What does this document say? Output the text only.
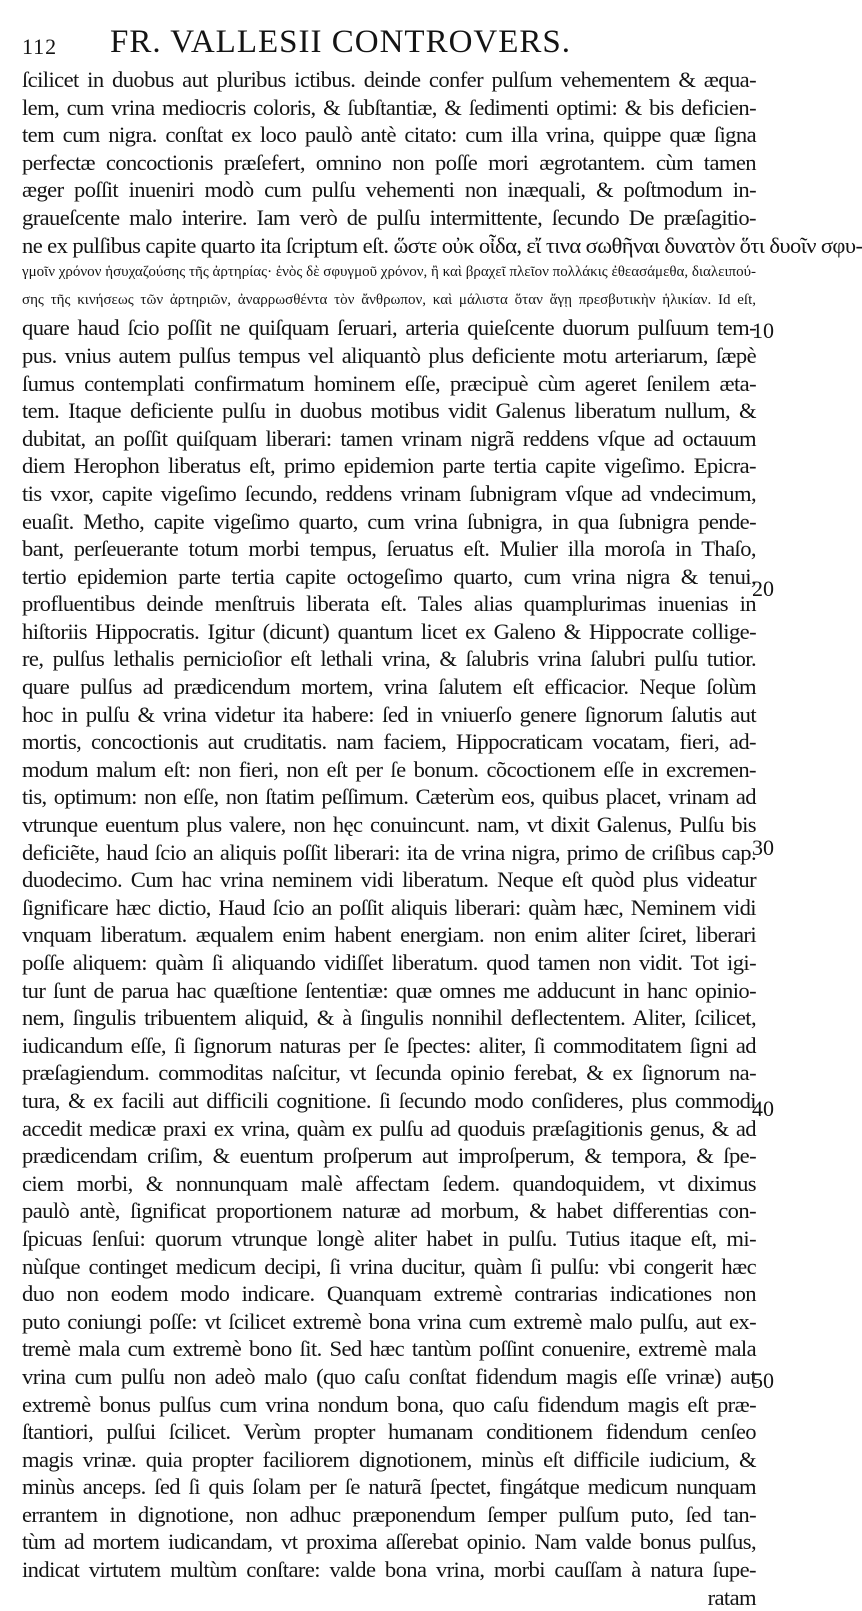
112 FR. VALLESII CONTROVERS.
ſcilicet in duobus aut pluribus ictibus. deinde confer pulſum vehementem & æqua-
lem, cum vrina mediocris coloris, & ſubſtantiæ, & ſedimenti optimi: & bis deficien-
tem cum nigra. conſtat ex loco paulò antè citato: cum illa vrina, quippe quæ ſigna
perfectæ concoctionis præſefert, omnino non poſſe mori ægrotantem. cùm tamen
æger poſſit inueniri modò cum pulſu vehementi non inæquali, & poſtmodum in-
graueſcente malo interire. Iam verò de pulſu intermittente, ſecundo De præſagitio-
ne ex pulſibus capite quarto ita ſcriptum eſt. ὥστε οὐκ οἶδα, εἴ τινα σωθῆναι δυνατὸν ὅτι δυοῖν σφυ-
γμοῖν χρόνον ἡσυχαζούσης τῆς ἀρτηρίας· ἑνὸς δὲ σφυγμοῦ χρόνον, ἢ καὶ βραχεῖ πλεῖον πολλάκις ἐθεασάμεθα, διαλειπού-
σης τῆς κινήσεως τῶν ἀρτηριῶν, ἀναρρωσθέντα τὸν ἄνθρωπον, καὶ μάλιστα ὅταν ἄγῃ πρεσβυτικὴν ἡλικίαν. Id eſt,
quare haud ſcio poſſit ne quiſquam ſeruari, arteria quieſcente duorum pulſuum tem-
pus. vnius autem pulſus tempus vel aliquantò plus deficiente motu arteriarum, ſæpè
ſumus contemplati confirmatum hominem eſſe, præcipuè cùm ageret ſenilem æta-
tem. Itaque deficiente pulſu in duobus motibus vidit Galenus liberatum nullum, &
dubitat, an poſſit quiſquam liberari: tamen vrinam nigrã reddens vſque ad octauum
diem Herophon liberatus eſt, primo epidemion parte tertia capite vigeſimo. Epicra-
tis vxor, capite vigeſimo ſecundo, reddens vrinam ſubnigram vſque ad vndecimum,
euaſit. Metho, capite vigeſimo quarto, cum vrina ſubnigra, in qua ſubnigra pende-
bant, perſeuerante totum morbi tempus, ſeruatus eſt. Mulier illa moroſa in Thaſo,
tertio epidemion parte tertia capite octogeſimo quarto, cum vrina nigra & tenui,
profluentibus deinde menſtruis liberata eſt. Tales alias quamplurimas inuenias in
hiſtoriis Hippocratis. Igitur (dicunt) quantum licet ex Galeno & Hippocrate collige-
re, pulſus lethalis pernicioſior eſt lethali vrina, & ſalubris vrina ſalubri pulſu tutior.
quare pulſus ad prædicendum mortem, vrina ſalutem eſt efficacior. Neque ſolùm
hoc in pulſu & vrina videtur ita habere: ſed in vniuerſo genere ſignorum ſalutis aut
mortis, concoctionis aut cruditatis. nam faciem, Hippocraticam vocatam, fieri, ad-
modum malum eſt: non fieri, non eſt per ſe bonum. cõcoctionem eſſe in excremen-
tis, optimum: non eſſe, non ſtatim peſſimum. Cæterùm eos, quibus placet, vrinam ad
vtrunque euentum plus valere, non hęc conuincunt. nam, vt dixit Galenus, Pulſu bis
deficiẽte, haud ſcio an aliquis poſſit liberari: ita de vrina nigra, primo de criſibus cap.
duodecimo. Cum hac vrina neminem vidi liberatum. Neque eſt quòd plus videatur
ſignificare hæc dictio, Haud ſcio an poſſit aliquis liberari: quàm hæc, Neminem vidi
vnquam liberatum. æqualem enim habent energiam. non enim aliter ſciret, liberari
poſſe aliquem: quàm ſi aliquando vidiſſet liberatum. quod tamen non vidit. Tot igi-
tur ſunt de parua hac quæſtione ſententiæ: quæ omnes me adducunt in hanc opinio-
nem, ſingulis tribuentem aliquid, & à ſingulis nonnihil deflectentem. Aliter, ſcilicet,
iudicandum eſſe, ſi ſignorum naturas per ſe ſpectes: aliter, ſi commoditatem ſigni ad
præſagiendum. commoditas naſcitur, vt ſecunda opinio ferebat, & ex ſignorum na-
tura, & ex facili aut difficili cognitione. ſi ſecundo modo conſideres, plus commodi
accedit medicæ praxi ex vrina, quàm ex pulſu ad quoduis præſagitionis genus, & ad
prædicendam criſim, & euentum proſperum aut improſperum, & tempora, & ſpe-
ciem morbi, & nonnunquam malè affectam ſedem. quandoquidem, vt diximus
paulò antè, ſignificat proportionem naturæ ad morbum, & habet differentias con-
ſpicuas ſenſui: quorum vtrunque longè aliter habet in pulſu. Tutius itaque eſt, mi-
nùſque continget medicum decipi, ſi vrina ducitur, quàm ſi pulſu: vbi congerit hæc
duo non eodem modo indicare. Quanquam extremè contrarias indicationes non
puto coniungi poſſe: vt ſcilicet extremè bona vrina cum extremè malo pulſu, aut ex-
tremè mala cum extremè bono ſit. Sed hæc tantùm poſſint conuenire, extremè mala
vrina cum pulſu non adeò malo (quo caſu conſtat fidendum magis eſſe vrinæ) aut
extremè bonus pulſus cum vrina nondum bona, quo caſu fidendum magis eſt præ-
ſtantiori, pulſui ſcilicet. Verùm propter humanam conditionem fidendum cenſeo
magis vrinæ. quia propter faciliorem dignotionem, minùs eſt difficile iudicium, &
minùs anceps. ſed ſi quis ſolam per ſe naturã ſpectet, fingátque medicum nunquam
errantem in dignotione, non adhuc præponendum ſemper pulſum puto, ſed tan-
tùm ad mortem iudicandam, vt proxima aſſerebat opinio. Nam valde bonus pulſus,
indicat virtutem multùm conſtare: valde bona vrina, morbi cauſſam à natura ſupe-
ratam
10
20
30
40
50
